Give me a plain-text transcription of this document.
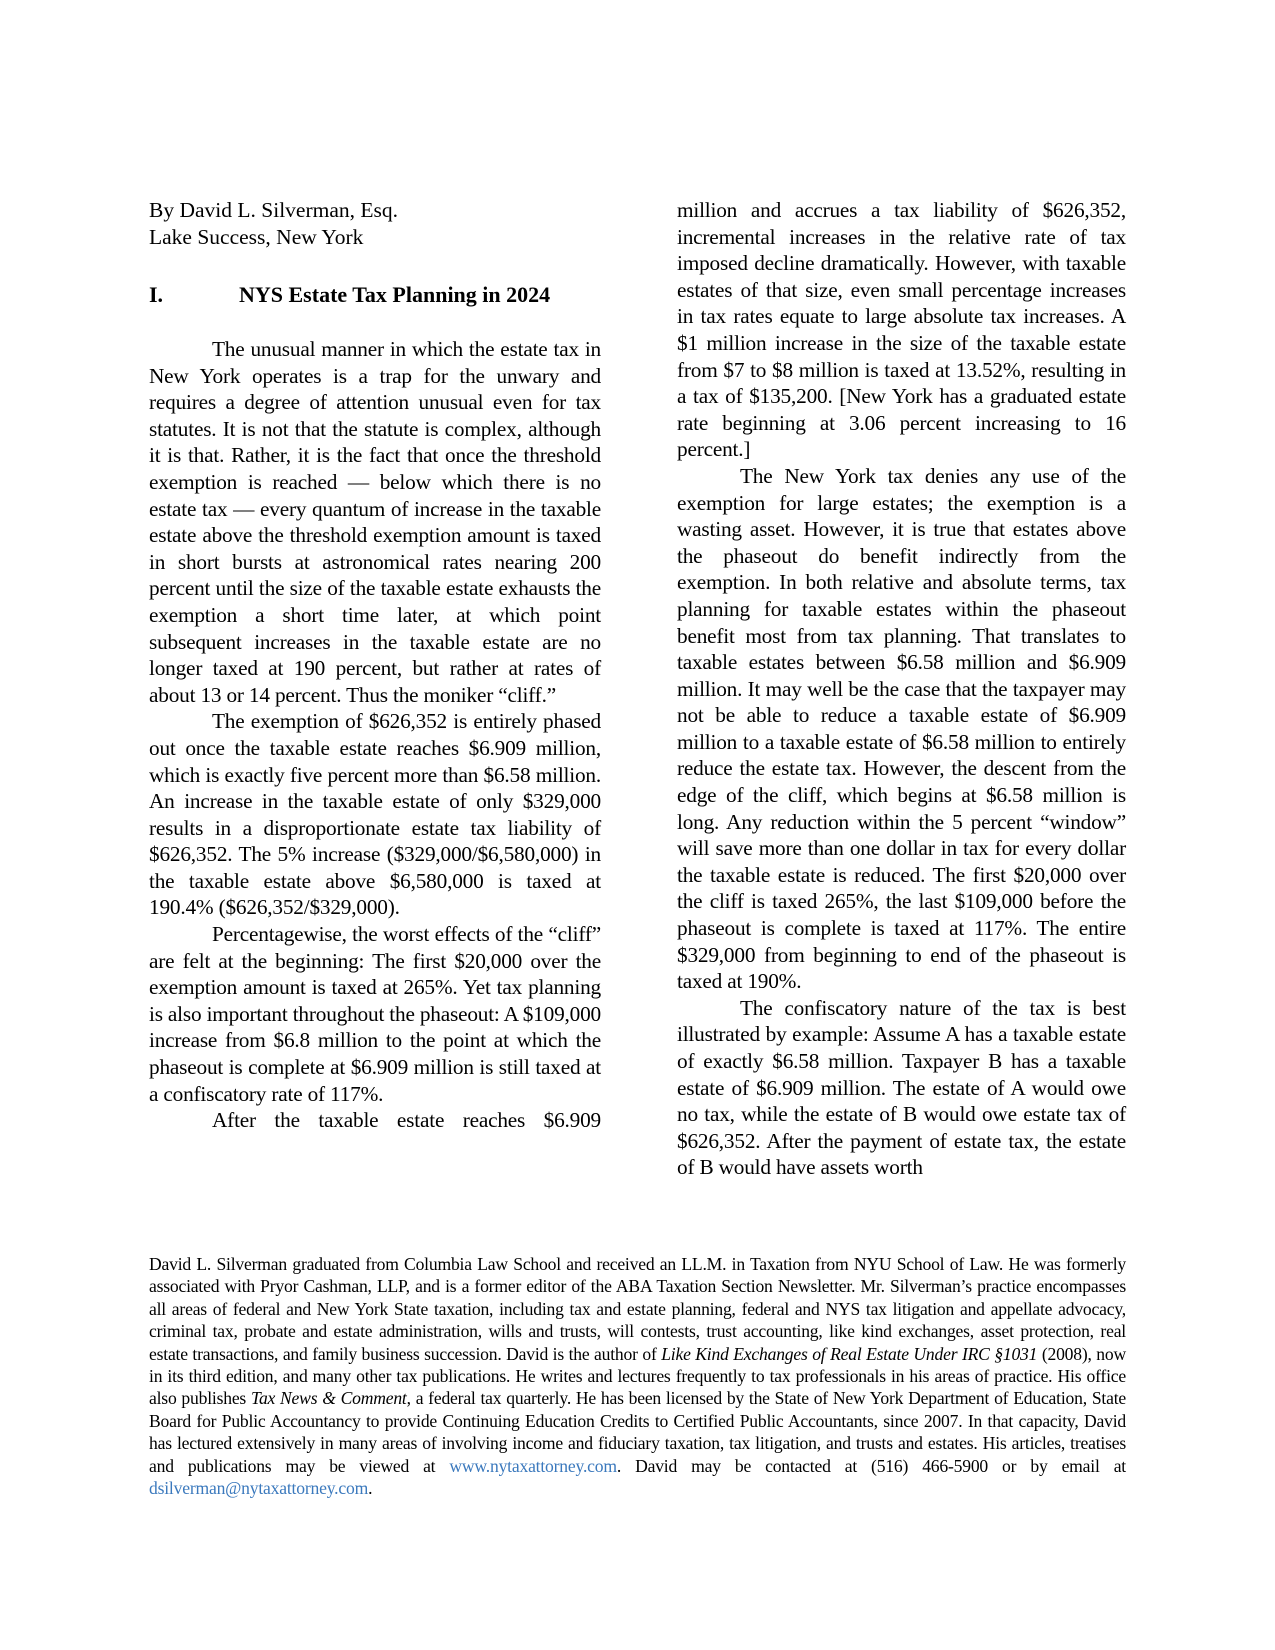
By David L. Silverman, Esq.

Lake Success, New York

I.	NYS Estate Tax Planning in 2024

The unusual manner in which the estate tax in New York operates is a trap for the unwary and requires a degree of attention unusual even for tax statutes. It is not that the statute is complex, although it is that. Rather, it is the fact that once the threshold exemption is reached — below which there is no estate tax — every quantum of increase in the taxable estate above the threshold exemption amount is taxed in short bursts at astronomical rates nearing 200 percent until the size of the taxable estate exhausts the exemption a short time later, at which point subsequent increases in the taxable estate are no longer taxed at 190 percent, but rather at rates of about 13 or 14 percent. Thus the moniker “cliff.”

The exemption of $626,352 is entirely phased out once the taxable estate reaches $6.909 million, which is exactly five percent more than $6.58 million. An increase in the taxable estate of only $329,000 results in a disproportionate estate tax liability of $626,352. The 5% increase ($329,000/$6,580,000) in the taxable estate above $6,580,000 is taxed at 190.4% ($626,352/$329,000).

Percentagewise, the worst effects of the “cliff” are felt at the beginning: The first $20,000 over the exemption amount is taxed at 265%. Yet tax planning is also important throughout the phaseout: A $109,000 increase from $6.8 million to the point at which the phaseout is complete at $6.909 million is still taxed at a confiscatory rate of 117%.

After the taxable estate reaches $6.909

million and accrues a tax liability of $626,352, incremental increases in the relative rate of tax imposed decline dramatically. However, with taxable estates of that size, even small percentage increases in tax rates equate to large absolute tax increases. A $1 million increase in the size of the taxable estate from $7 to $8 million is taxed at 13.52%, resulting in a tax of $135,200. [New York has a graduated estate rate beginning at 3.06 percent increasing to 16 percent.]

The New York tax denies any use of the exemption for large estates; the exemption is a wasting asset. However, it is true that estates above the phaseout do benefit indirectly from the exemption. In both relative and absolute terms, tax planning for taxable estates within the phaseout benefit most from tax planning. That translates to taxable estates between $6.58 million and $6.909 million. It may well be the case that the taxpayer may not be able to reduce a taxable estate of $6.909 million to a taxable estate of $6.58 million to entirely reduce the estate tax. However, the descent from the edge of the cliff, which begins at $6.58 million is long. Any reduction within the 5 percent “window” will save more than one dollar in tax for every dollar the taxable estate is reduced. The first $20,000 over the cliff is taxed 265%, the last $109,000 before the phaseout is complete is taxed at 117%. The entire $329,000 from beginning to end of the phaseout is taxed at 190%.

The confiscatory nature of the tax is best illustrated by example: Assume A has a taxable estate of exactly $6.58 million. Taxpayer B has a taxable estate of $6.909 million. The estate of A would owe no tax, while the estate of B would owe estate tax of $626,352. After the payment of estate tax, the estate of B would have assets worth

David L. Silverman graduated from Columbia Law School and received an LL.M. in Taxation from NYU School of Law. He was formerly associated with Pryor Cashman, LLP, and is a former editor of the ABA Taxation Section Newsletter. Mr. Silverman’s practice encompasses all areas of federal and New York State taxation, including tax and estate planning, federal and NYS tax litigation and appellate advocacy, criminal tax, probate and estate administration, wills and trusts, will contests, trust accounting, like kind exchanges, asset protection, real estate transactions, and family business succession. David is the author of Like Kind Exchanges of Real Estate Under IRC §1031 (2008), now in its third edition, and many other tax publications. He writes and lectures frequently to tax professionals in his areas of practice. His office also publishes Tax News & Comment, a federal tax quarterly. He has been licensed by the State of New York Department of Education, State Board for Public Accountancy to provide Continuing Education Credits to Certified Public Accountants, since 2007. In that capacity, David has lectured extensively in many areas of involving income and fiduciary taxation, tax litigation, and trusts and estates. His articles, treatises and publications may be viewed at www.nytaxattorney.com. David may be contacted at (516) 466-5900 or by email at dsilverman@nytaxattorney.com.
